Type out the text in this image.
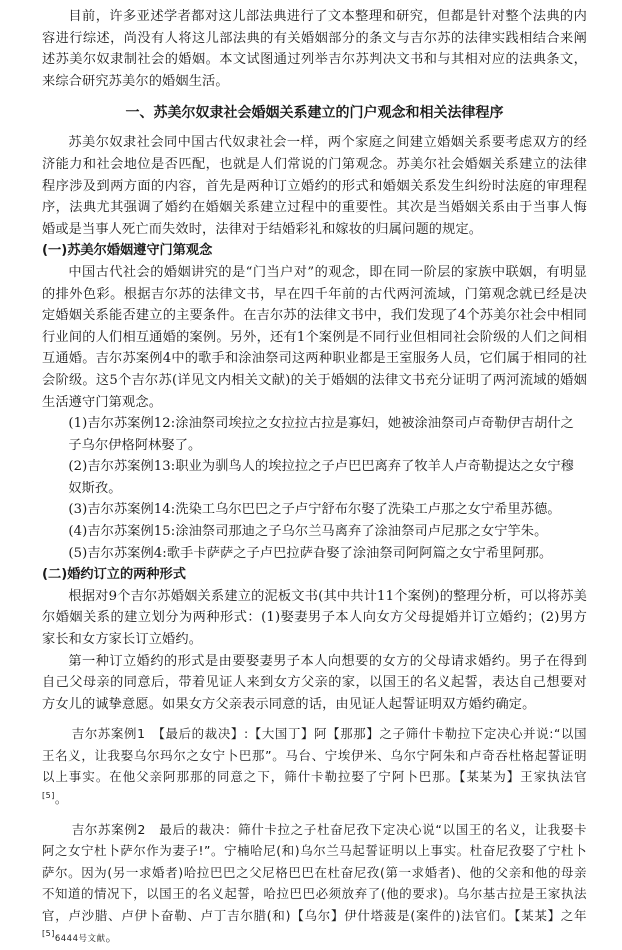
目前，许多亚述学者都对这儿部法典进行了文本整理和研究，但都是针对整个法典的内容进行综述，尚没有人将这儿部法典的有关婚姻部分的条文与吉尔苏的法律实践相结合来阐述苏美尔奴隶制社会的婚姻。本文试图通过列举吉尔苏判决文书和与其相对应的法典条文，来综合研究苏美尔的婚姻生活。

一、苏美尔奴隶社会婚姻关系建立的门户观念和相关法律程序

苏美尔奴隶社会同中国古代奴隶社会一样，两个家庭之间建立婚姻关系要考虑双方的经济能力和社会地位是否匹配，也就是人们常说的门第观念。苏美尔社会婚姻关系建立的法律程序涉及到两方面的内容，首先是两种订立婚约的形式和婚姻关系发生纠纷时法庭的审理程序，法典尤其强调了婚约在婚姻关系建立过程中的重要性。其次是当婚姻关系由于当事人悔婚或是当事人死亡而失效时，法律对于结婚彩礼和嫁妆的归属问题的规定。

(一)苏美尔婚姻遵守门第观念

中国古代社会的婚姻讲究的是“门当户对”的观念，即在同一阶层的家族中联姻，有明显的排外色彩。根据吉尔苏的法律文书，早在四千年前的古代两河流域，门第观念就已经是决定婚姻关系能否建立的主要条件。在吉尔苏的法律文书中，我们发现了4个苏美尔社会中相同行业间的人们相互通婚的案例。另外，还有1个案例是不同行业但相同社会阶级的人们之间相互通婚。吉尔苏案例4中的歌手和涂油祭司这两种职业都是王室服务人员，它们属于相同的社会阶级。这5个吉尔苏(详见文内相关文献)的关于婚姻的法律文书充分证明了两河流域的婚姻生活遵守门第观念。

(1)吉尔苏案例12:涂油祭司埃拉之女拉拉古拉是寡妇，她被涂油祭司卢奇勒伊吉胡什之子乌尔伊格阿林娶了。

(2)吉尔苏案例13:职业为驯鸟人的埃拉拉之子卢巴巴离弃了牧羊人卢奇勒提达之女宁穆奴斯孜。

(3)吉尔苏案例14:洗染工乌尔巴巴之子卢宁舒布尔娶了洗染工卢那之女宁希里苏德。

(4)吉尔苏案例15:涂油祭司那迪之子乌尔兰马离弃了涂油祭司卢尼那之女宁竽朱。

(5)吉尔苏案例4:歌手卡萨萨之子卢巴拉萨旮娶了涂油祭司阿阿篇之女宁希里阿那。

(二)婚约订立的两种形式

根据对9个吉尔苏婚姻关系建立的泥板文书(其中共计11个案例)的整理分析，可以将苏美尔婚姻关系的建立划分为两种形式：(1)娶妻男子本人向女方父母提婚并订立婚约；(2)男方家长和女方家长订立婚约。

第一种订立婚约的形式是由要娶妻男子本人向想要的女方的父母请求婚约。男子在得到自己父母亲的同意后，带着见证人来到女方父亲的家，以国王的名义起誓，表达自己想要对方女儿的诚挚意愿。如果女方父亲表示同意的话，由见证人起誓证明双方婚约确定。

吉尔苏案例1　【最后的裁决】:【大国丁】阿【那那】之子筛什卡勒拉下定决心并说:“以国王名义，让我娶乌尔玛尔之女宁卜巴那”。马台、宁埃伊米、乌尔宁阿朱和卢奇吞杜格起誓证明以上事实。在他父亲阿那那的同意之下，筛什卡勒拉娶了宁阿卜巴那。【某某为】王家执法官[5]。

吉尔苏案例2　最后的裁决：筛什卡拉之子杜奋尼孜下定决心说“以国王的名义，让我娶卡阿之女宁杜卜萨尔作为妻子!”。宁楠哈尼(和)乌尔兰马起誓证明以上事实。杜奋尼孜娶了宁杜卜萨尔。因为(另一求婚者)哈拉巴巴之父尼格巴巴在杜奋尼孜(第一求婚者)、他的父亲和他的母亲不知道的情况下，以国王的名义起誓，哈拉巴巴必须放弃了(他的要求)。乌尔基古拉是王家执法官，卢沙腊、卢伊卜奋勒、卢丁吉尔腊(和)【乌尔】伊什塔菠是(案件的)法官们。【某某】之年[5]6444号文献。
